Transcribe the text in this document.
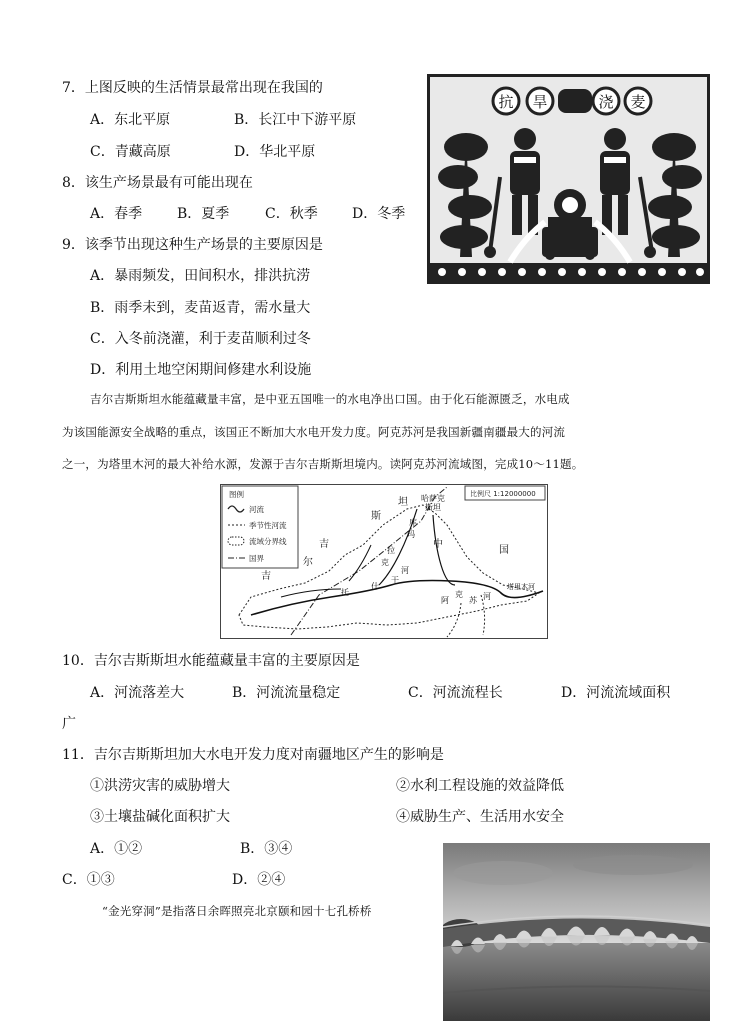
7．上图反映的生活情景最常出现在我国的
A．东北平原	B．长江中下游平原
C．青藏高原	D．华北平原
8．该生产场景最有可能出现在
A．春季 B．夏季	C．秋季 D．冬季
9．该季节出现这种生产场景的主要原因是
A．暴雨频发，田间积水，排洪抗涝
B．雨季未到，麦苗返青，需水量大
C．入冬前浇灌，利于麦苗顺利过冬
D．利用土地空闲期间修建水利设施
抗 旱	浇 麦
吉尔吉斯斯坦水能蕴藏量丰富，是中亚五国唯一的水电净出口国。由于化石能源匮乏，水电成
为该国能源安全战略的重点，该国正不断加大水电开发力度。阿克苏河是我国新疆南疆最大的河流
之一，为塔里木河的最大补给水源，发源于吉尔吉斯斯坦境内。读阿克苏河流域图，完成10～11题。
图例
河流
季节性河流
流域分界线
国界
比例尺 1:12000000
哈萨克
斯坦
坦
斯
吉
尔
吉
中
国
库
玛
拉
克
河
托
什
干
阿
克
苏 河
塔里木河
10．吉尔吉斯斯坦水能蕴藏量丰富的主要原因是
A．河流落差大	B．河流流量稳定	C．河流流程长	D．河流流域面积
广
11．吉尔吉斯斯坦加大水电开发力度对南疆地区产生的影响是
①洪涝灾害的威胁增大	②水利工程设施的效益降低
③土壤盐碱化面积扩大	④威胁生产、生活用水安全
A．①②	B．③④
C．①③	D．②④
“金光穿洞”是指落日余晖照亮北京颐和园十七孔桥桥
